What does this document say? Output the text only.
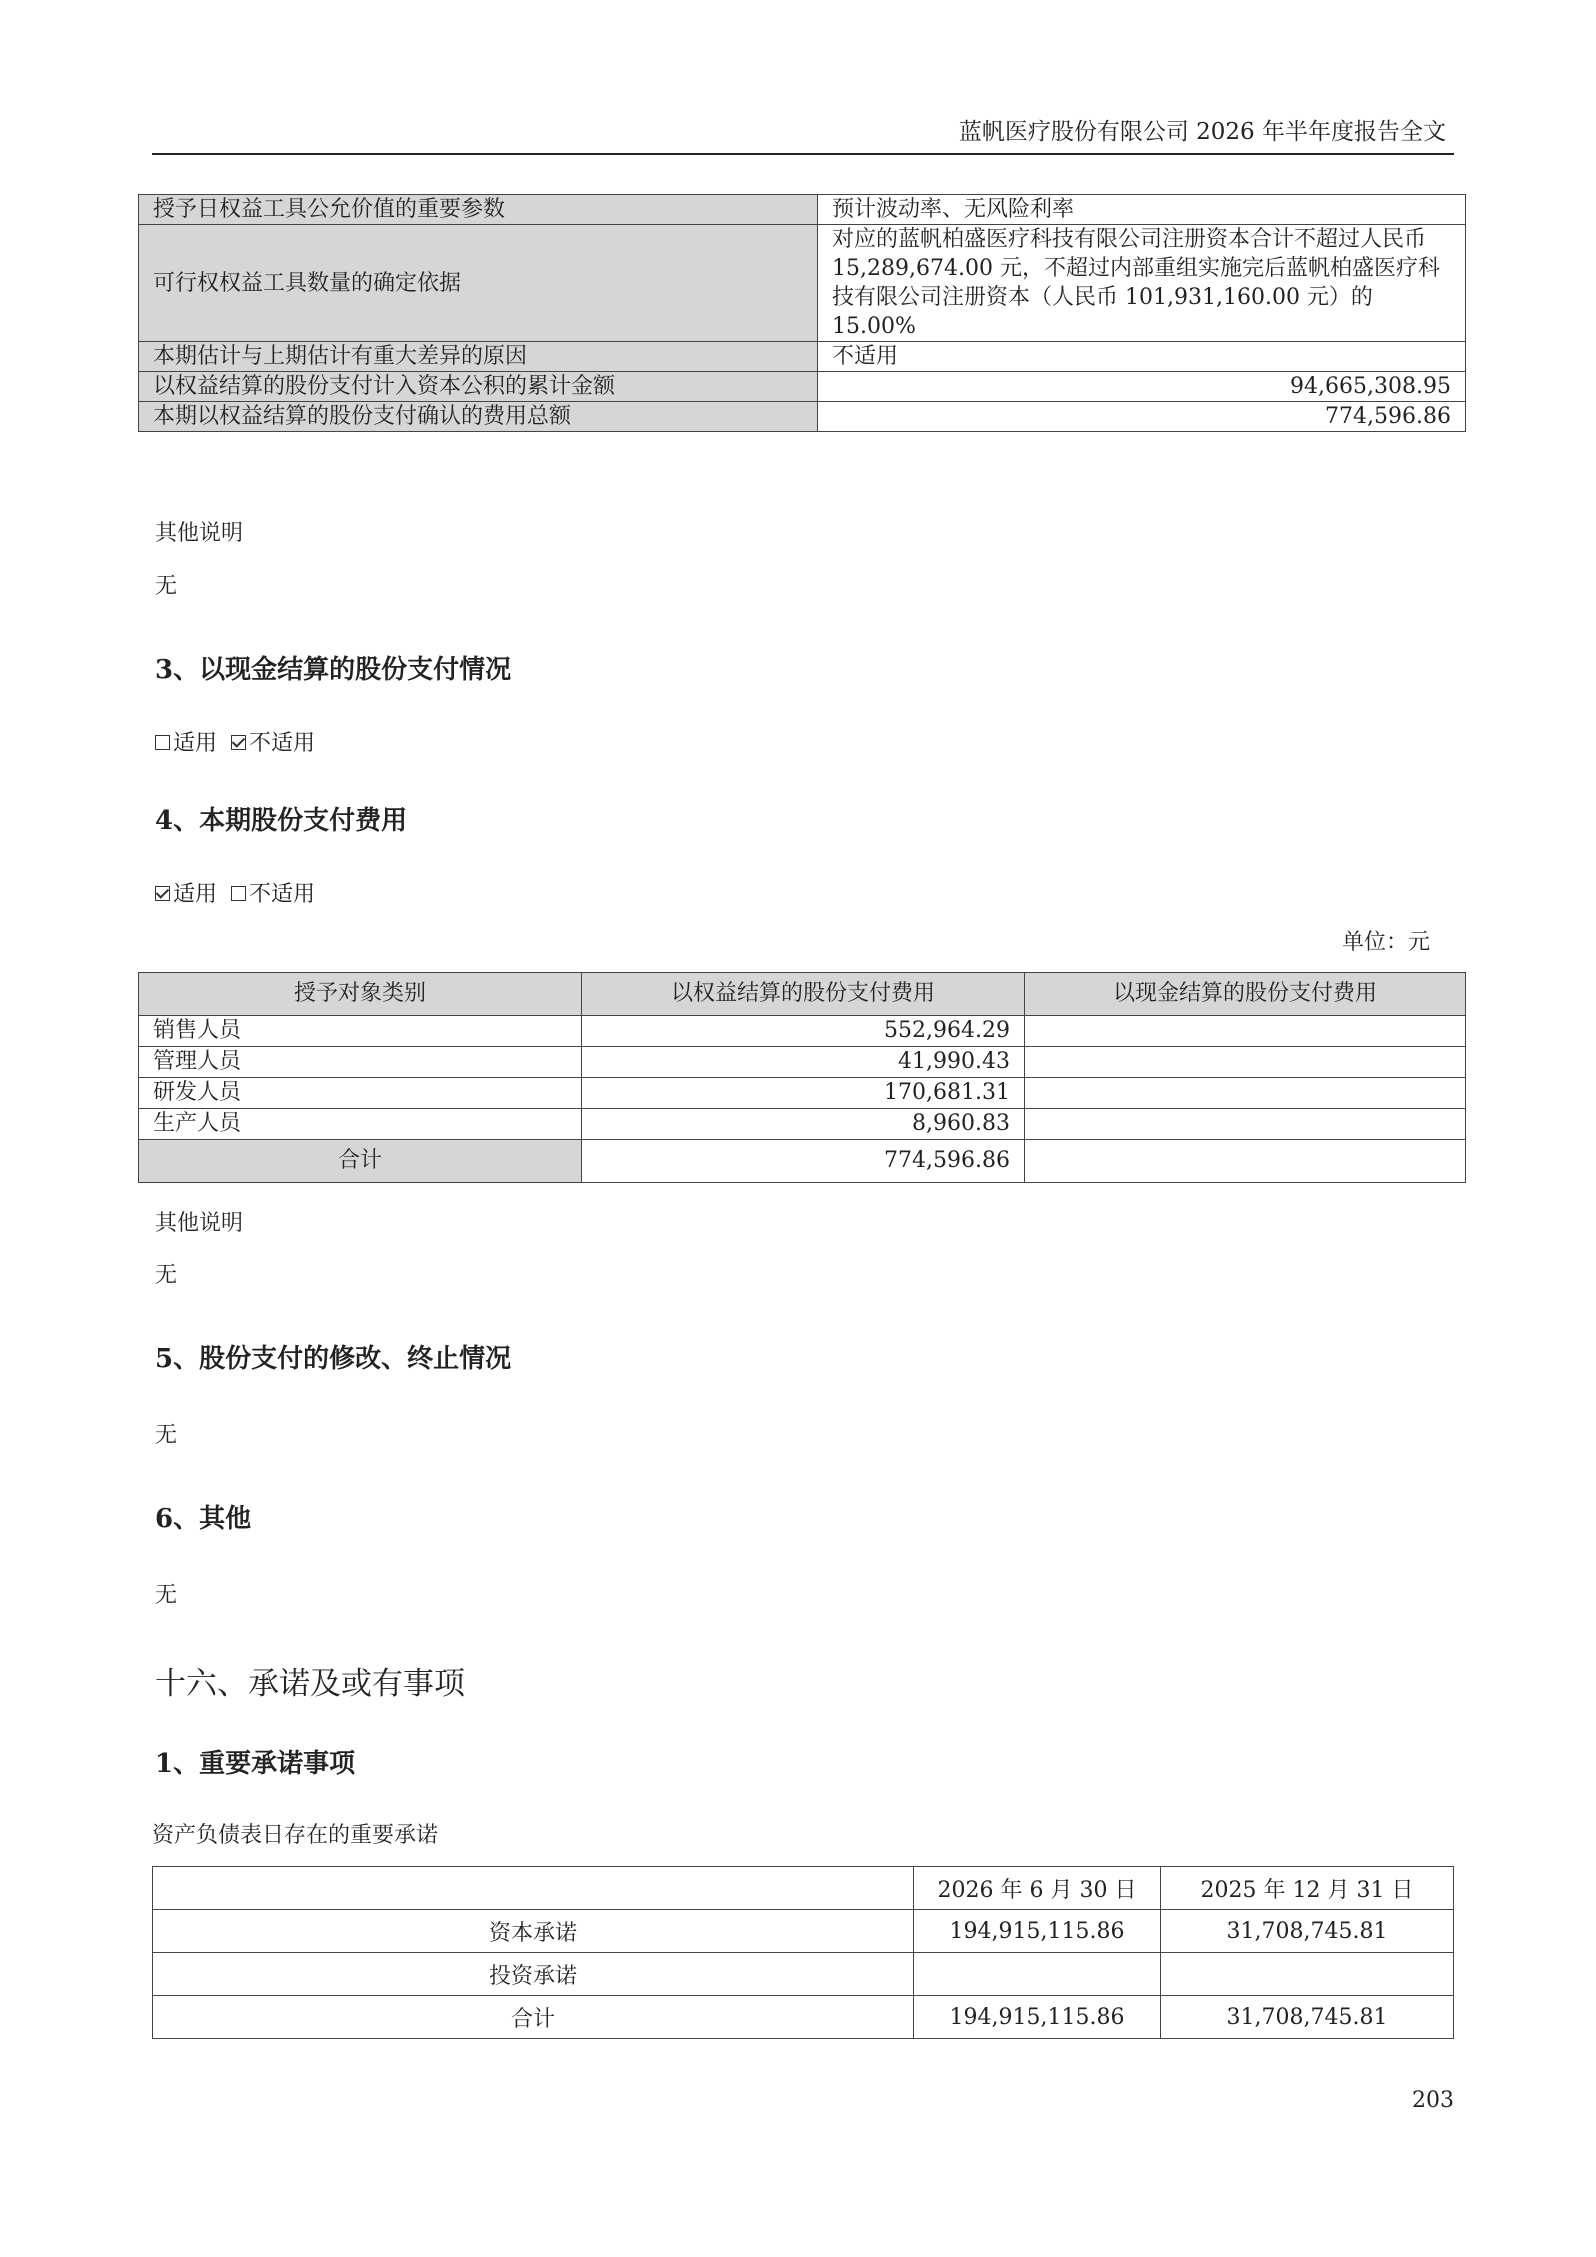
蓝帆医疗股份有限公司 2026 年半年度报告全文
授予日权益工具公允价值的重要参数	预计波动率、无风险利率
可行权权益工具数量的确定依据	对应的蓝帆柏盛医疗科技有限公司注册资本合计不超过人民币 15,289,674.00 元，不超过内部重组实施完后蓝帆柏盛医疗科技有限公司注册资本（人民币 101,931,160.00 元）的 15.00%
本期估计与上期估计有重大差异的原因	不适用
以权益结算的股份支付计入资本公积的累计金额	94,665,308.95
本期以权益结算的股份支付确认的费用总额	774,596.86
其他说明
无
3、以现金结算的股份支付情况
适用 不适用
4、本期股份支付费用
适用 不适用
单位：元
授予对象类别	以权益结算的股份支付费用	以现金结算的股份支付费用
销售人员	552,964.29	
管理人员	41,990.43	
研发人员	170,681.31	
生产人员	8,960.83	
合计	774,596.86	
其他说明
无
5、股份支付的修改、终止情况
无
6、其他
无
十六、承诺及或有事项
1、重要承诺事项
资产负债表日存在的重要承诺
	2026 年 6 月 30 日	2025 年 12 月 31 日
资本承诺	194,915,115.86	31,708,745.81
投资承诺		
合计	194,915,115.86	31,708,745.81
203
